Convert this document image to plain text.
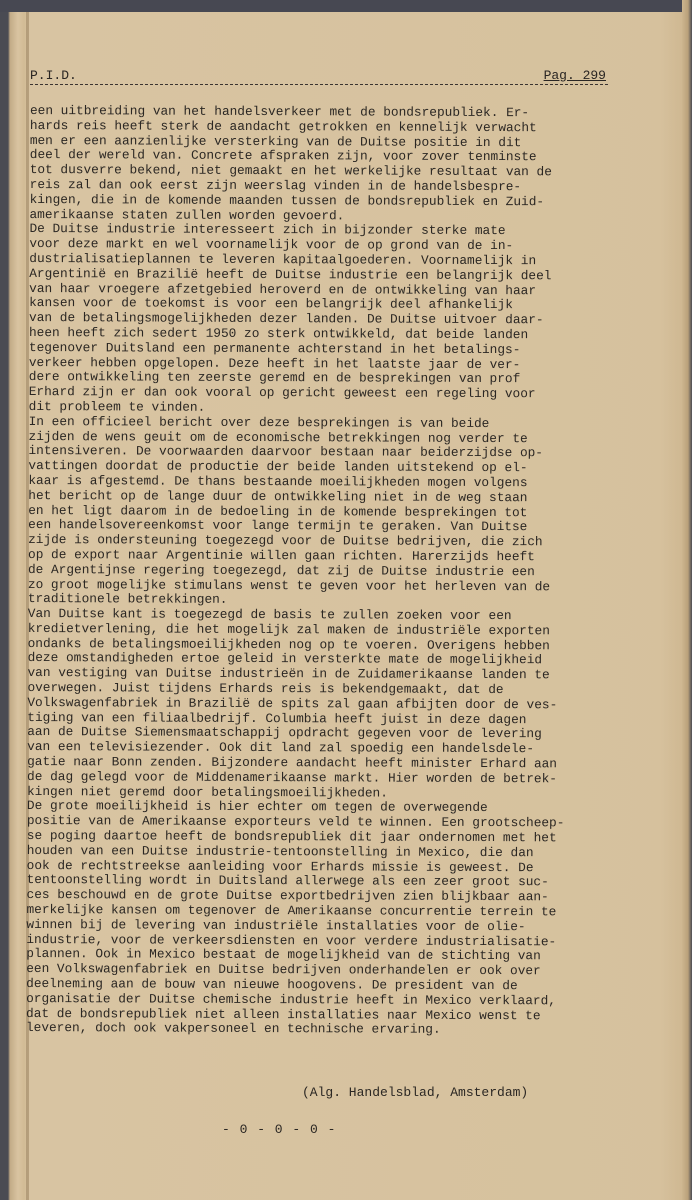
P.I.D.	Pag. 299
een uitbreiding van het handelsverkeer met de bondsrepubliek. Er-
hards reis heeft sterk de aandacht getrokken en kennelijk verwacht
men er een aanzienlijke versterking van de Duitse positie in dit
deel der wereld van. Concrete afspraken zijn, voor zover tenminste
tot dusverre bekend, niet gemaakt en het werkelijke resultaat van de
reis zal dan ook eerst zijn weerslag vinden in de handelsbespre-
kingen, die in de komende maanden tussen de bondsrepubliek en Zuid-
amerikaanse staten zullen worden gevoerd.
De Duitse industrie interesseert zich in bijzonder sterke mate
voor deze markt en wel voornamelijk voor de op grond van de in-
dustrialisatieplannen te leveren kapitaalgoederen. Voornamelijk in
Argentinië en Brazilië heeft de Duitse industrie een belangrijk deel
van haar vroegere afzetgebied heroverd en de ontwikkeling van haar
kansen voor de toekomst is voor een belangrijk deel afhankelijk
van de betalingsmogelijkheden dezer landen. De Duitse uitvoer daar-
heen heeft zich sedert 1950 zo sterk ontwikkeld, dat beide landen
tegenover Duitsland een permanente achterstand in het betalings-
verkeer hebben opgelopen. Deze heeft in het laatste jaar de ver-
dere ontwikkeling ten zeerste geremd en de besprekingen van prof
Erhard zijn er dan ook vooral op gericht geweest een regeling voor
dit probleem te vinden.
In een officieel bericht over deze besprekingen is van beide
zijden de wens geuit om de economische betrekkingen nog verder te
intensiveren. De voorwaarden daarvoor bestaan naar beiderzijdse op-
vattingen doordat de productie der beide landen uitstekend op el-
kaar is afgestemd. De thans bestaande moeilijkheden mogen volgens
het bericht op de lange duur de ontwikkeling niet in de weg staan
en het ligt daarom in de bedoeling in de komende besprekingen tot
een handelsovereenkomst voor lange termijn te geraken. Van Duitse
zijde is ondersteuning toegezegd voor de Duitse bedrijven, die zich
op de export naar Argentinie willen gaan richten. Harerzijds heeft
de Argentijnse regering toegezegd, dat zij de Duitse industrie een
zo groot mogelijke stimulans wenst te geven voor het herleven van de
traditionele betrekkingen.
Van Duitse kant is toegezegd de basis te zullen zoeken voor een
kredietverlening, die het mogelijk zal maken de industriële exporten
ondanks de betalingsmoeilijkheden nog op te voeren. Overigens hebben
deze omstandigheden ertoe geleid in versterkte mate de mogelijkheid
van vestiging van Duitse industrieën in de Zuidamerikaanse landen te
overwegen. Juist tijdens Erhards reis is bekendgemaakt, dat de
Volkswagenfabriek in Brazilië de spits zal gaan afbijten door de ves-
tiging van een filiaalbedrijf. Columbia heeft juist in deze dagen
aan de Duitse Siemensmaatschappij opdracht gegeven voor de levering
van een televisiezender. Ook dit land zal spoedig een handelsdele-
gatie naar Bonn zenden. Bijzondere aandacht heeft minister Erhard aan
de dag gelegd voor de Middenamerikaanse markt. Hier worden de betrek-
kingen niet geremd door betalingsmoeilijkheden.
De grote moeilijkheid is hier echter om tegen de overwegende
positie van de Amerikaanse exporteurs veld te winnen. Een grootscheep-
se poging daartoe heeft de bondsrepubliek dit jaar ondernomen met het
houden van een Duitse industrie-tentoonstelling in Mexico, die dan
ook de rechtstreekse aanleiding voor Erhards missie is geweest. De
tentoonstelling wordt in Duitsland allerwege als een zeer groot suc-
ces beschouwd en de grote Duitse exportbedrijven zien blijkbaar aan-
merkelijke kansen om tegenover de Amerikaanse concurrentie terrein te
winnen bij de levering van industriële installaties voor de olie-
industrie, voor de verkeersdiensten en voor verdere industrialisatie-
plannen. Ook in Mexico bestaat de mogelijkheid van de stichting van
een Volkswagenfabriek en Duitse bedrijven onderhandelen er ook over
deelneming aan de bouw van nieuwe hoogovens. De president van de
organisatie der Duitse chemische industrie heeft in Mexico verklaard,
dat de bondsrepubliek niet alleen installaties naar Mexico wenst te
leveren, doch ook vakpersoneel en technische ervaring.
(Alg. Handelsblad, Amsterdam)
- 0 - 0 - 0 -
